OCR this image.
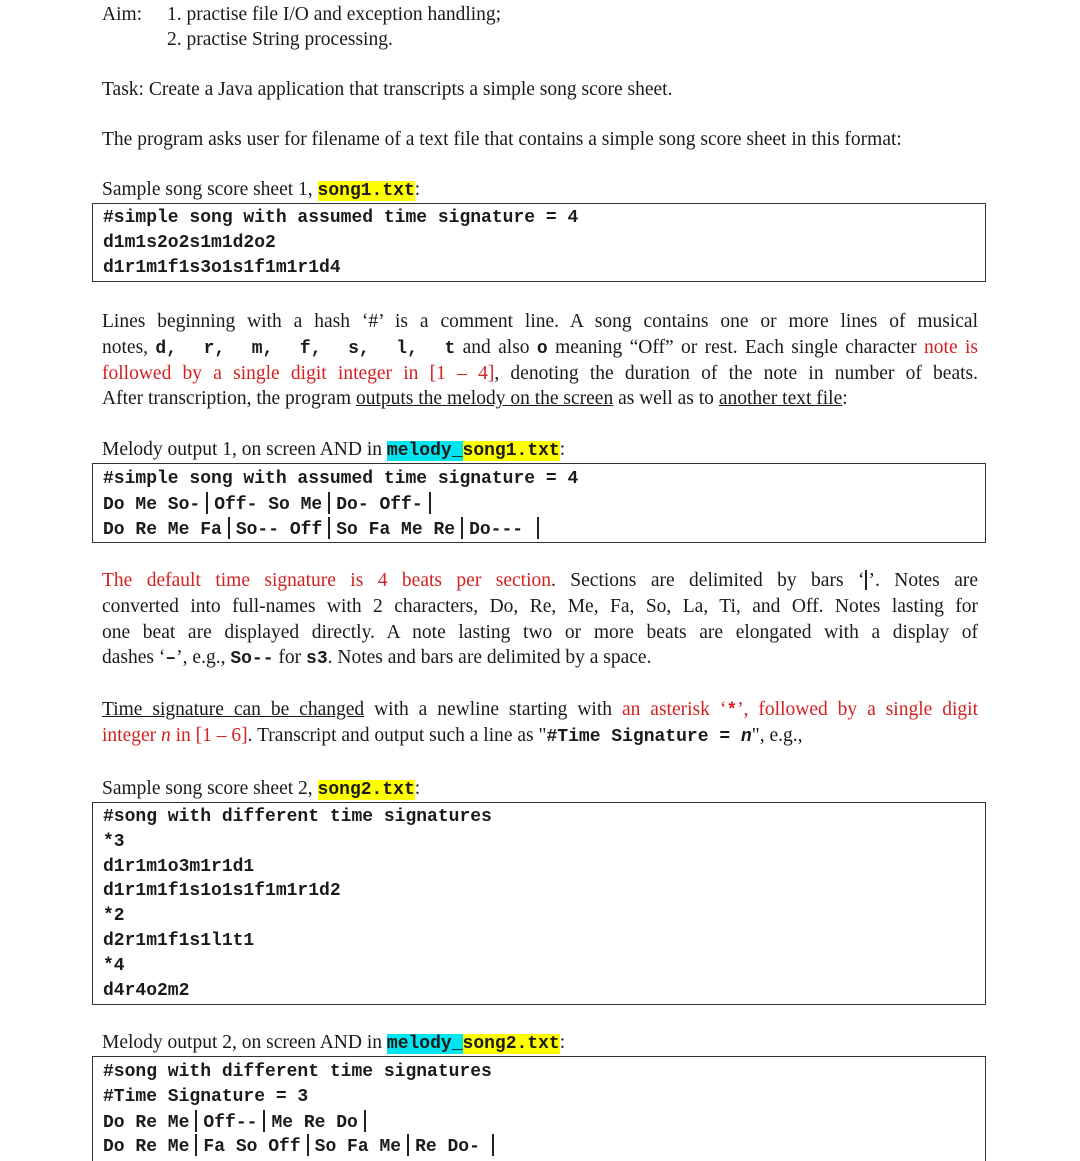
Aim: 1. practise file I/O and exception handling;
2. practise String processing.
Task: Create a Java application that transcripts a simple song score sheet.
The program asks user for filename of a text file that contains a simple song score sheet in this format:
Sample song score sheet 1, song1.txt:
#simple song with assumed time signature = 4
d1m1s2o2s1m1d2o2
d1r1m1f1s3o1s1f1m1r1d4
Lines beginning with a hash ‘#’ is a comment line. A song contains one or more lines of musical
notes, d,  r,  m,  f,  s,  l,  t and also o meaning “Off” or rest. Each single character note is
followed by a single digit integer in [1 – 4], denoting the duration of the note in number of beats.
After transcription, the program outputs the melody on the screen as well as to another text file:
Melody output 1, on screen AND in melody_song1.txt:
#simple song with assumed time signature = 4
Do Me So- Off- So Me Do- Off-
Do Re Me Fa So-- Off So Fa Me Re Do---
The default time signature is 4 beats per section. Sections are delimited by bars ‘ ’. Notes are
converted into full-names with 2 characters, Do, Re, Me, Fa, So, La, Ti, and Off. Notes lasting for
one beat are displayed directly. A note lasting two or more beats are elongated with a display of
dashes ‘–’, e.g., So-- for s3. Notes and bars are delimited by a space.
Time signature can be changed with a newline starting with an asterisk ‘*’, followed by a single digit
integer n in [1 – 6]. Transcript and output such a line as "#Time Signature = n", e.g.,
Sample song score sheet 2, song2.txt:
#song with different time signatures
*3
d1r1m1o3m1r1d1
d1r1m1f1s1o1s1f1m1r1d2
*2
d2r1m1f1s1l1t1
*4
d4r4o2m2
Melody output 2, on screen AND in melody_song2.txt:
#song with different time signatures
#Time Signature = 3
Do Re Me Off-- Me Re Do
Do Re Me Fa So Off So Fa Me Re Do-
